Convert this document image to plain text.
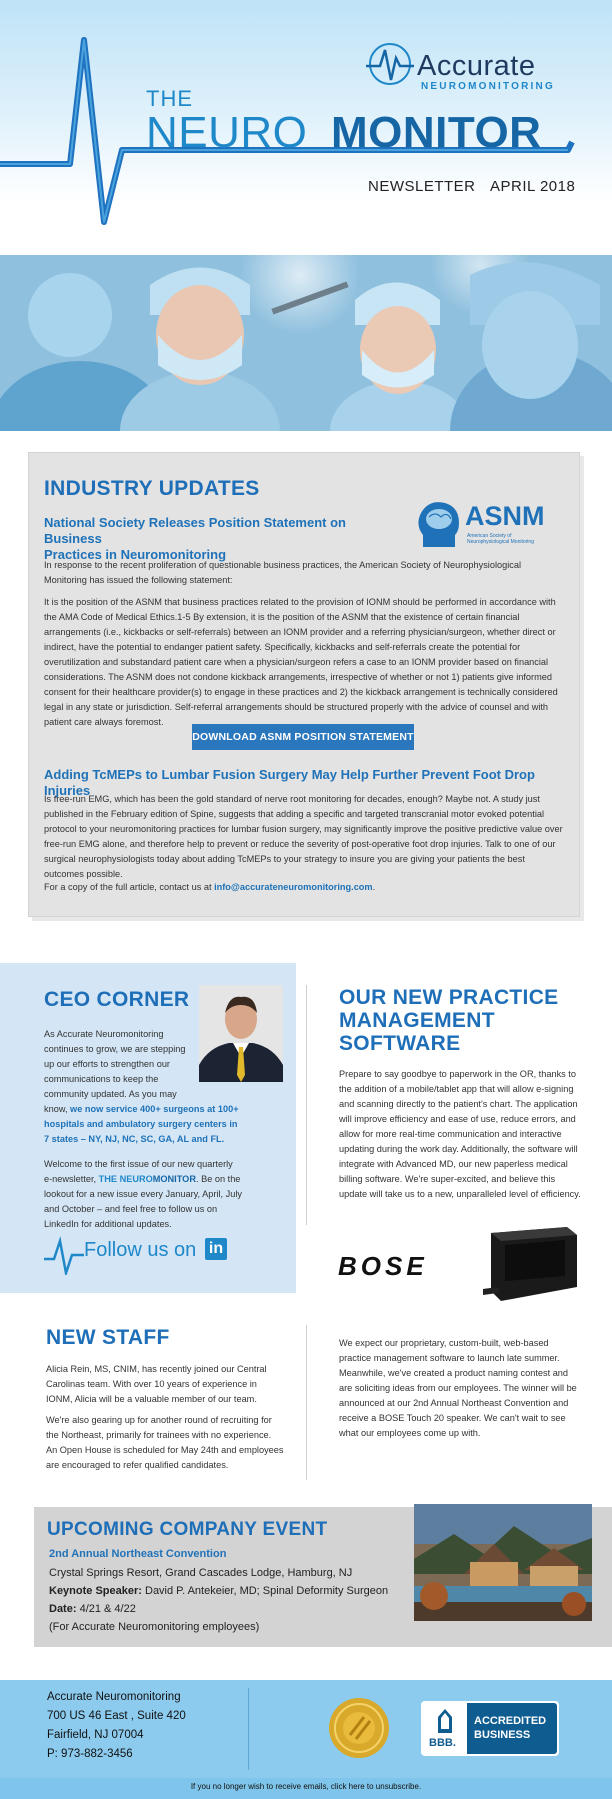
Accurate
NEUROMONITORING
THE
NEURO MONITOR
NEWSLETTER APRIL 2018
INDUSTRY UPDATES
National Society Releases Position Statement on Business
Practices in Neuromonitoring
ASNM
American Society of Neurophysiological Monitoring
In response to the recent proliferation of questionable business practices, the American Society of Neurophysiological Monitoring has issued the following statement:
It is the position of the ASNM that business practices related to the provision of IONM should be performed in accordance with the AMA Code of Medical Ethics.1-5 By extension, it is the position of the ASNM that the existence of certain financial arrangements (i.e., kickbacks or self-referrals) between an IONM provider and a referring physician/surgeon, whether direct or indirect, have the potential to endanger patient safety. Specifically, kickbacks and self-referrals create the potential for overutilization and substandard patient care when a physician/surgeon refers a case to an IONM provider based on financial considerations. The ASNM does not condone kickback arrangements, irrespective of whether or not 1) patients give informed consent for their healthcare provider(s) to engage in these practices and 2) the kickback arrangement is technically considered legal in any state or jurisdiction. Self-referral arrangements should be structured properly with the advice of counsel and with patient care always foremost.
DOWNLOAD ASNM POSITION STATEMENT
Adding TcMEPs to Lumbar Fusion Surgery May Help Further Prevent Foot Drop Injuries
Is free-run EMG, which has been the gold standard of nerve root monitoring for decades, enough? Maybe not. A study just published in the February edition of Spine, suggests that adding a specific and targeted transcranial motor evoked potential protocol to your neuromonitoring practices for lumbar fusion surgery, may significantly improve the positive predictive value over free-run EMG alone, and therefore help to prevent or reduce the severity of post-operative foot drop injuries. Talk to one of our surgical neurophysiologists today about adding TcMEPs to your strategy to insure you are giving your patients the best outcomes possible.
For a copy of the full article, contact us at info@accurateneuromonitoring.com.
CEO CORNER
As Accurate Neuromonitoring
continues to grow, we are stepping
up our efforts to strengthen our
communications to keep the
community updated. As you may
know, we now service 400+ surgeons at 100+
hospitals and ambulatory surgery centers in
7 states – NY, NJ, NC, SC, GA, AL and FL.
Welcome to the first issue of our new quarterly
e-newsletter, THE NEUROMONITOR. Be on the
lookout for a new issue every January, April, July
and October – and feel free to follow us on
LinkedIn for additional updates.
Follow us on in
OUR NEW PRACTICE
MANAGEMENT
SOFTWARE
Prepare to say goodbye to paperwork in the OR, thanks to the addition of a mobile/tablet app that will allow e-signing and scanning directly to the patient's chart. The application will improve efficiency and ease of use, reduce errors, and allow for more real-time communication and interactive updating during the work day. Additionally, the software will integrate with Advanced MD, our new paperless medical billing software. We're super-excited, and believe this update will take us to a new, unparalleled level of efficiency.
BOSE
We expect our proprietary, custom-built, web-based practice management software to launch late summer. Meanwhile, we've created a product naming contest and are soliciting ideas from our employees. The winner will be announced at our 2nd Annual Northeast Convention and receive a BOSE Touch 20 speaker. We can't wait to see what our employees come up with.
NEW STAFF
Alicia Rein, MS, CNIM, has recently joined our Central Carolinas team. With over 10 years of experience in IONM, Alicia will be a valuable member of our team.
We're also gearing up for another round of recruiting for the Northeast, primarily for trainees with no experience. An Open House is scheduled for May 24th and employees are encouraged to refer qualified candidates.
UPCOMING COMPANY EVENT
2nd Annual Northeast Convention
Crystal Springs Resort, Grand Cascades Lodge, Hamburg, NJ
Keynote Speaker: David P. Antekeier, MD; Spinal Deformity Surgeon
Date: 4/21 & 4/22
(For Accurate Neuromonitoring employees)
Accurate Neuromonitoring
700 US 46 East , Suite 420
Fairfield, NJ 07004
P: 973-882-3456
BBB.
ACCREDITED
BUSINESS
If you no longer wish to receive emails, click here to unsubscribe.
